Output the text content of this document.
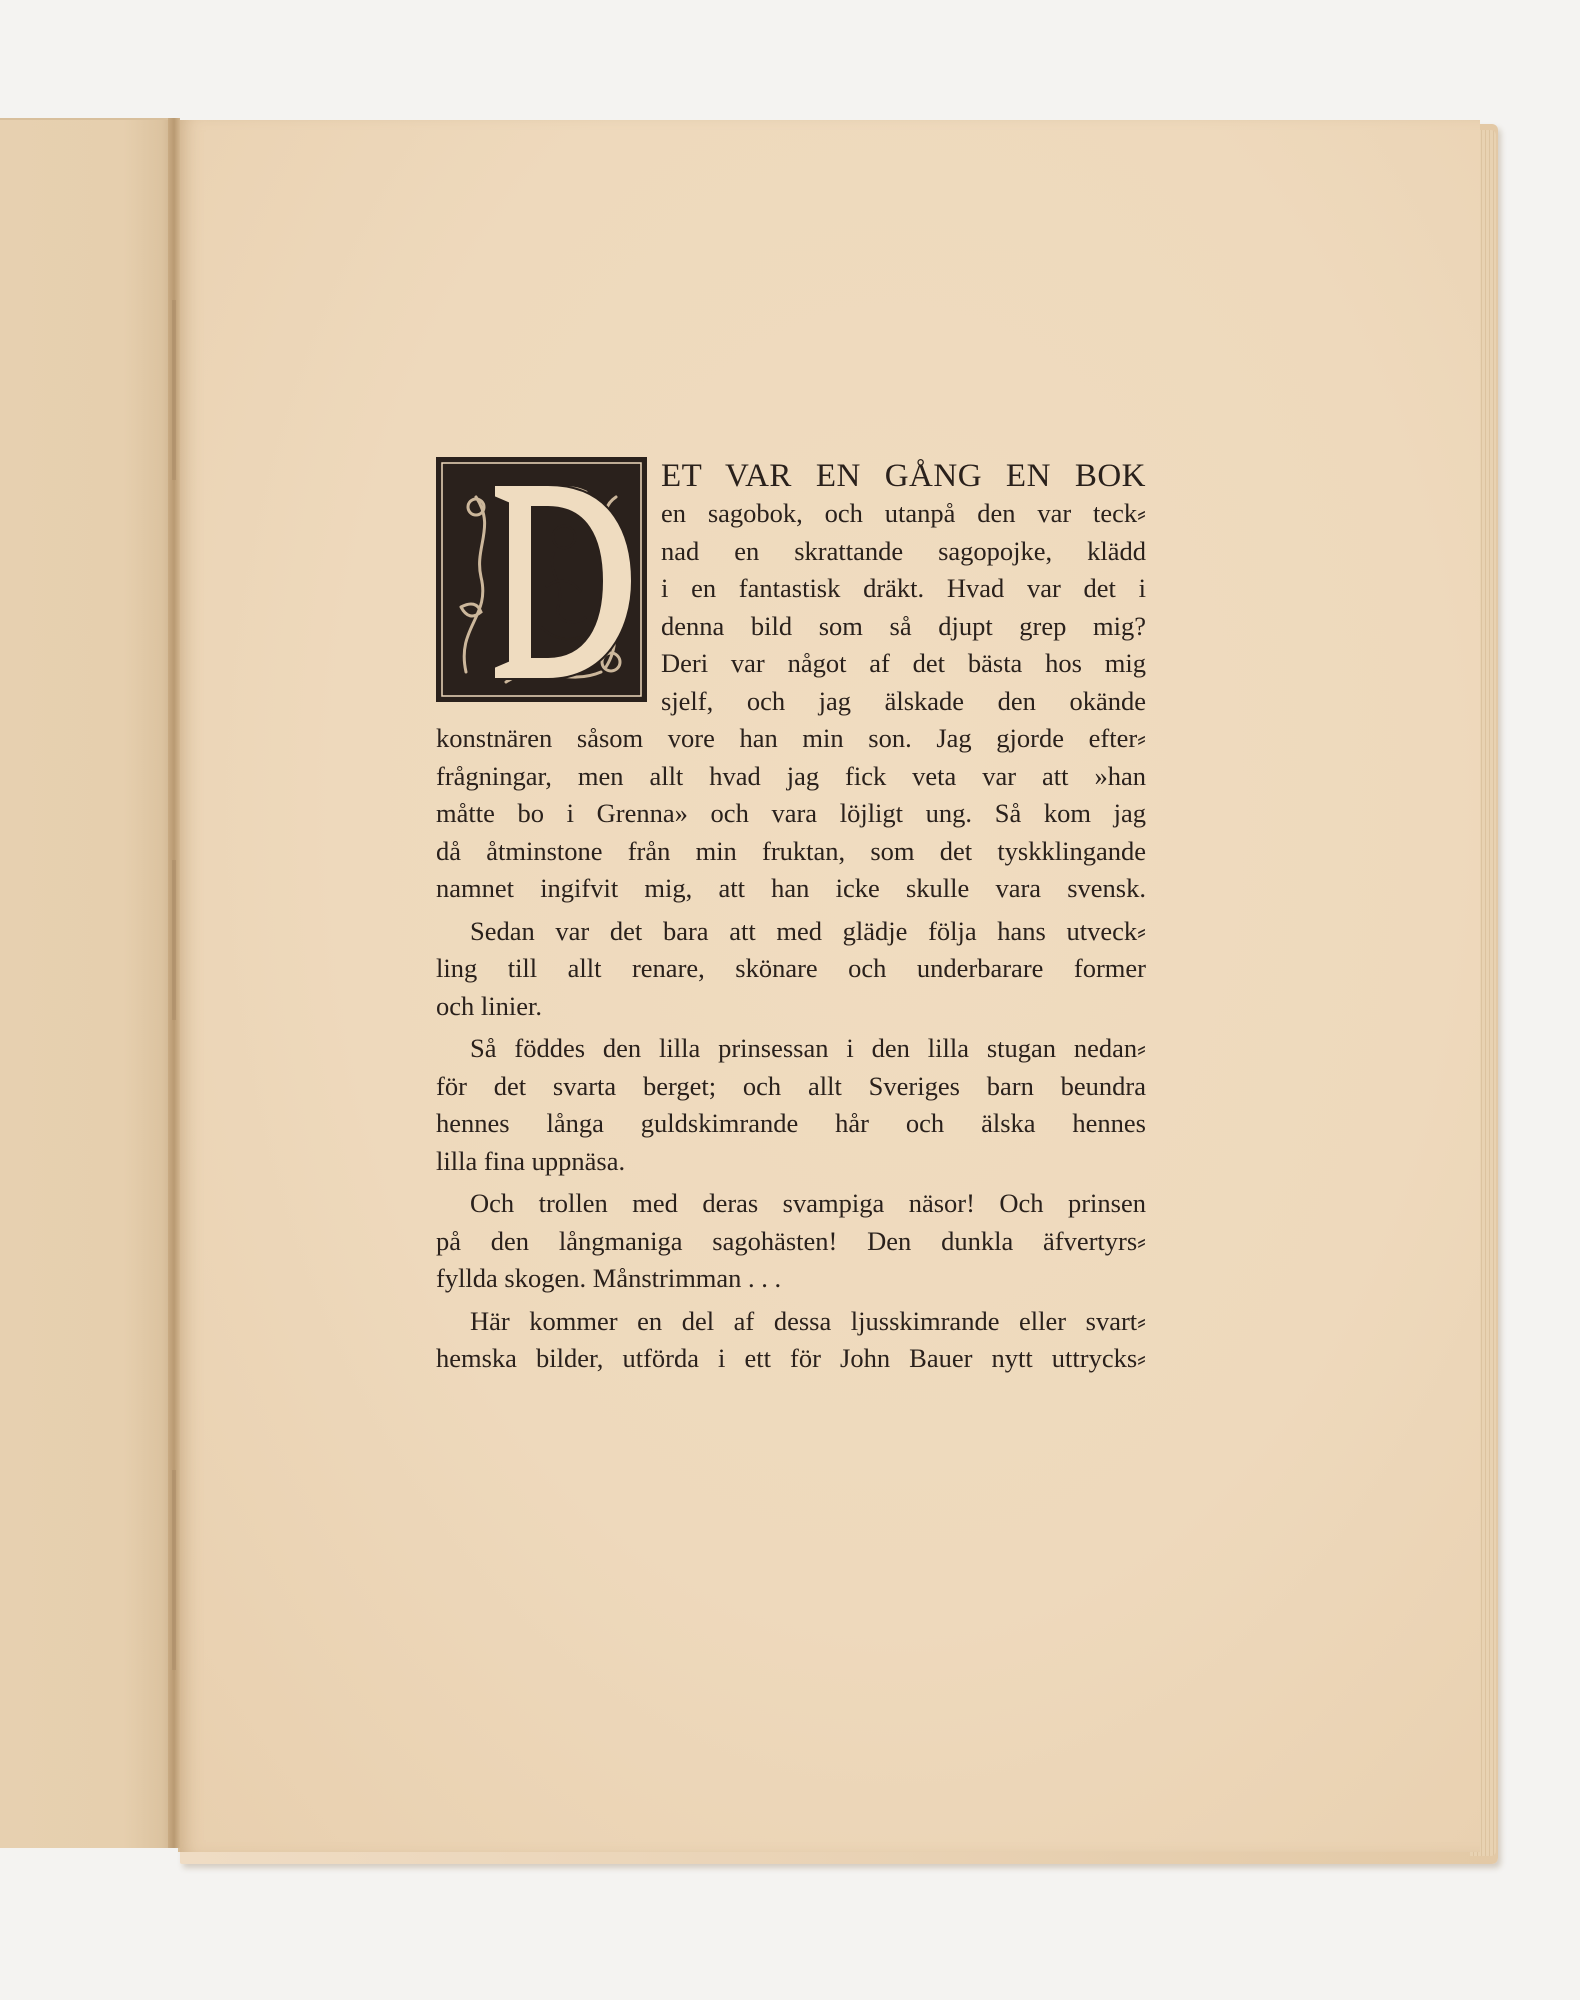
ET VAR EN GÅNG EN BOK
en sagobok, och utanpå den var teck⸗
nad en skrattande sagopojke, klädd
i en fantastisk dräkt. Hvad var det i
denna bild som så djupt grep mig?
Deri var något af det bästa hos mig
sjelf, och jag älskade den okände
konstnären såsom vore han min son. Jag gjorde efter⸗
frågningar, men allt hvad jag fick veta var att »han
måtte bo i Grenna» och vara löjligt ung. Så kom jag
då åtminstone från min fruktan, som det tyskklingande
namnet ingifvit mig, att han icke skulle vara svensk.
Sedan var det bara att med glädje följa hans utveck⸗
ling till allt renare, skönare och underbarare former
och linier.
Så föddes den lilla prinsessan i den lilla stugan nedan⸗
för det svarta berget; och allt Sveriges barn beundra
hennes långa guldskimrande hår och älska hennes
lilla fina uppnäsa.
Och trollen med deras svampiga näsor! Och prinsen
på den långmaniga sagohästen! Den dunkla äfvertyrs⸗
fyllda skogen. Månstrimman . . .
Här kommer en del af dessa ljusskimrande eller svart⸗
hemska bilder, utförda i ett för John Bauer nytt uttrycks⸗
